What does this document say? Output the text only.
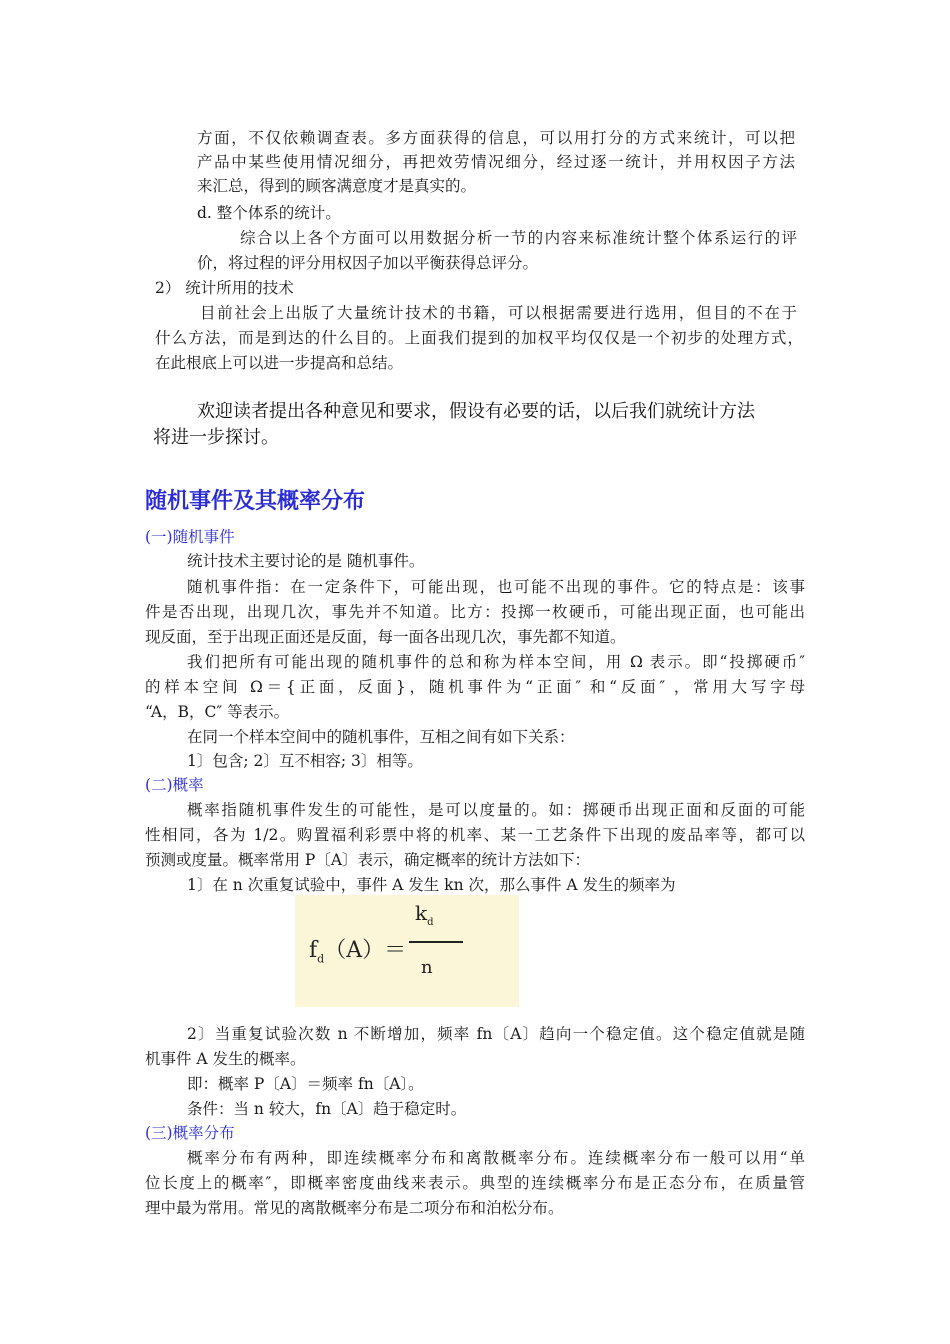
方面，不仅依赖调查表。多方面获得的信息，可以用打分的方式来统计，可以把

产品中某些使用情况细分，再把效劳情况细分，经过逐一统计，并用权因子方法

来汇总，得到的顾客满意度才是真实的。

d. 整个体系的统计。

综合以上各个方面可以用数据分析一节的内容来标准统计整个体系运行的评

价，将过程的评分用权因子加以平衡获得总评分。

2） 统计所用的技术

目前社会上出版了大量统计技术的书籍，可以根据需要进行选用，但目的不在于

什么方法，而是到达的什么目的。上面我们提到的加权平均仅仅是一个初步的处理方式，

在此根底上可以进一步提高和总结。

欢迎读者提出各种意见和要求，假设有必要的话，以后我们就统计方法
将进一步探讨。
随机事件及其概率分布
(一)随机事件

统计技术主要讨论的是 随机事件。

随机事件指：在一定条件下，可能出现，也可能不出现的事件。它的特点是：该事

件是否出现，出现几次，事先并不知道。比方：投掷一枚硬币，可能出现正面，也可能出

现反面，至于出现正面还是反面，每一面各出现几次，事先都不知道。

我们把所有可能出现的随机事件的总和称为样本空间，用 Ω 表示。即“投掷硬币″

的样本空间 Ω＝{正面，反面}，随机事件为“正面″ 和“反面″ ，常用大写字母

“A，B，C″ 等表示。

在同一个样本空间中的随机事件，互相之间有如下关系：

1〕包含; 2〕互不相容; 3〕相等。

(二)概率

概率指随机事件发生的可能性，是可以度量的。如：掷硬币出现正面和反面的可能

性相同，各为 1/2。购置福利彩票中将的机率、某一工艺条件下出现的废品率等，都可以

预测或度量。概率常用 P〔A〕表示，确定概率的统计方法如下：

1〕在 n 次重复试验中，事件 A 发生 kn 次，那么事件 A 发生的频率为

$f_d(A)=$
$k_d$
n

2〕当重复试验次数 n 不断增加，频率 fn〔A〕趋向一个稳定值。这个稳定值就是随

机事件 A 发生的概率。

即：概率 P〔A〕＝频率 fn〔A〕。

条件：当 n 较大，fn〔A〕趋于稳定时。

(三)概率分布

概率分布有两种，即连续概率分布和离散概率分布。连续概率分布一般可以用“单

位长度上的概率″，即概率密度曲线来表示。典型的连续概率分布是正态分布，在质量管

理中最为常用。常见的离散概率分布是二项分布和泊松分布。
